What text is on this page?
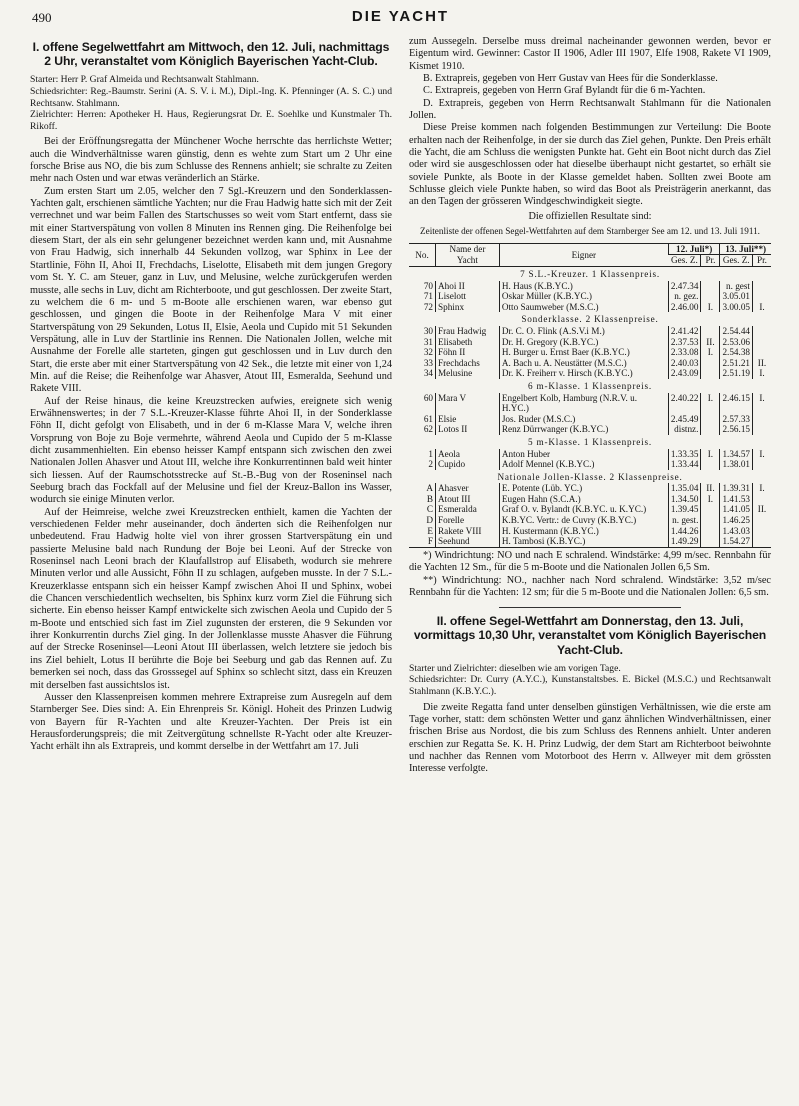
490	DIE YACHT
I. offene Segelwettfahrt am Mittwoch, den 12. Juli, nachmittags 2 Uhr, veranstaltet vom Königlich Bayerischen Yacht-Club.

Starter: Herr P. Graf Almeida und Rechtsanwalt Stahlmann.

Schiedsrichter: Reg.-Baumstr. Serini (A. S. V. i. M.), Dipl.-Ing. K. Pfenninger (A. S. C.) und Rechtsanw. Stahlmann.

Zielrichter: Herren: Apotheker H. Haus, Regierungsrat Dr. E. Soehlke und Kunstmaler Th. Rikoff.

Bei der Eröffnungsregatta der Münchener Woche herrschte das herrlichste Wetter; auch die Windverhältnisse waren günstig, denn es wehte zum Start um 2 Uhr eine forsche Brise aus NO, die bis zum Schlusse des Rennens anhielt; sie schralte zu Zeiten mehr nach Osten und war etwas veränderlich an Stärke.

Zum ersten Start um 2.05, welcher den 7 Sgl.-Kreuzern und den Sonderklassen-Yachten galt, erschienen sämtliche Yachten; nur die Frau Hadwig hatte sich mit der Zeit verrechnet und war beim Fallen des Startschusses so weit vom Start entfernt, dass sie mit einer Startverspätung von vollen 8 Minuten ins Rennen ging. Die Reihenfolge bei diesem Start, der als ein sehr gelungener bezeichnet werden kann und, mit Ausnahme von Frau Hadwig, sich innerhalb 44 Sekunden vollzog, war Sphinx in Lee der Startlinie, Föhn II, Ahoi II, Frechdachs, Liselotte, Elisabeth mit dem jungen Gregory vom St. Y. C. am Steuer, ganz in Luv, und Melusine, welche zurückgerufen werden musste, alle sechs in Luv, dicht am Richterboote, und gut geschlossen. Der zweite Start, zu welchem die 6 m- und 5 m-Boote alle erschienen waren, war ebenso gut geschlossen, und gingen die Boote in der Reihenfolge Mara V mit einer Startverspätung von 29 Sekunden, Lotus II, Elsie, Aeola und Cupido mit 51 Sekunden Verspätung, alle in Luv der Startlinie ins Rennen. Die Nationalen Jollen, welche mit Ausnahme der Forelle alle starteten, gingen gut geschlossen und in Luv durch den Start, die erste aber mit einer Startverspätung von 42 Sek., die letzte mit einer von 1,24 Min. auf die Reise; die Reihenfolge war Ahasver, Atout III, Esmeralda, Seehund und Rakete VIII.

Auf der Reise hinaus, die keine Kreuzstrecken aufwies, ereignete sich wenig Erwähnenswertes; in der 7 S.L.-Kreuzer-Klasse führte Ahoi II, in der Sonderklasse Föhn II, dicht gefolgt von Elisabeth, und in der 6 m-Klasse Mara V, welche ihren Vorsprung von Boje zu Boje vermehrte, während Aeola und Cupido der 5 m-Klasse dicht zusammenhielten. Ein ebenso heisser Kampf entspann sich zwischen den zwei Nationalen Jollen Ahasver und Atout III, welche ihre Konkurrentinnen bald weit hinter sich liessen. Auf der Raumschotsstrecke auf St.-B.-Bug von der Roseninsel nach Seeburg brach das Fockfall auf der Melusine und fiel der Kreuz-Ballon ins Wasser, wodurch sie einige Minuten verlor.

Auf der Heimreise, welche zwei Kreuzstrecken enthielt, kamen die Yachten der verschiedenen Felder mehr auseinander, doch änderten sich die Reihenfolgen nur unbedeutend. Frau Hadwig holte viel von ihrer grossen Startverspätung ein und passierte Melusine bald nach Rundung der Boje bei Leoni. Auf der Strecke von Roseninsel nach Leoni brach der Klaufallstrop auf Elisabeth, wodurch sie mehrere Minuten verlor und alle Aussicht, Föhn II zu schlagen, aufgeben musste. In der 7 S.L.-Kreuzerklasse entspann sich ein heisser Kampf zwischen Ahoi II und Sphinx, wobei die Chancen verschiedentlich wechselten, bis Sphinx kurz vorm Ziel die Führung sich sicherte. Ein ebenso heisser Kampf entwickelte sich zwischen Aeola und Cupido der 5 m-Boote und entschied sich fast im Ziel zugunsten der ersteren, die 9 Sekunden vor ihrer Konkurrentin durchs Ziel ging. In der Jollenklasse musste Ahasver die Führung auf der Strecke Roseninsel—Leoni Atout III überlassen, welch letztere sie jedoch bis ins Ziel behielt, Lotus II berührte die Boje bei Seeburg und gab das Rennen auf. Zu bemerken sei noch, dass das Grosssegel auf Sphinx so schlecht sitzt, dass ein Kreuzen mit derselben fast aussichtslos ist.

Ausser den Klassenpreisen kommen mehrere Extrapreise zum Ausregeln auf dem Starnberger See. Dies sind: A. Ein Ehrenpreis Sr. Königl. Hoheit des Prinzen Ludwig von Bayern für R-Yachten und alte Kreuzer-Yachten. Der Preis ist ein Herausforderungspreis; die mit Zeitvergütung schnellste R-Yacht oder alte Kreuzer-Yacht erhält ihn als Extrapreis, und kommt derselbe in der Wettfahrt am 17. Juli

zum Aussegeln. Derselbe muss dreimal nacheinander gewonnen werden, bevor er Eigentum wird. Gewinner: Castor II 1906, Adler III 1907, Elfe 1908, Rakete VI 1909, Kismet 1910.

B. Extrapreis, gegeben von Herr Gustav van Hees für die Sonderklasse.

C. Extrapreis, gegeben von Herrn Graf Bylandt für die 6 m-Yachten.

D. Extrapreis, gegeben von Herrn Rechtsanwalt Stahlmann für die Nationalen Jollen.

Diese Preise kommen nach folgenden Bestimmungen zur Verteilung: Die Boote erhalten nach der Reihenfolge, in der sie durch das Ziel gehen, Punkte. Den Preis erhält die Yacht, die am Schluss die wenigsten Punkte hat. Geht ein Boot nicht durch das Ziel oder wird sie ausgeschlossen oder hat dieselbe überhaupt nicht gestartet, so erhält sie soviele Punkte, als Boote in der Klasse gemeldet haben. Sollten zwei Boote am Schlusse gleich viele Punkte haben, so wird das Boot als Preisträgerin anerkannt, das an den Tagen der grösseren Windgeschwindigkeit siegte.

Die offiziellen Resultate sind:
Zeitenliste der offenen Segel-Wettfahrten auf dem Starnberger See am 12. und 13. Juli 1911.
No.	Name der Yacht	Eigner	12. Juli*)		13. Juli**)	
			Ges. Z.	Pr.	Ges. Z.	Pr.
7 S.L.-Kreuzer. 1 Klassenpreis.						
70	Ahoi II	H. Haus (K.B.YC.)	2.47.34		n. gest	
71	Liselott	Oskar Müller (K.B.YC.)	n. gez.		3.05.01	
72	Sphinx	Otto Saumweber (M.S.C.)	2.46.00	I.	3.00.05	I.
Sonderklasse. 2 Klassenpreise.						
30	Frau Hadwig	Dr. C. O. Flink (A.S.V.i M.)	2.41.42		2.54.44	
31	Elisabeth	Dr. H. Gregory (K.B.YC.)	2.37.53	II.	2.53.06	
32	Föhn II	H. Burger u. Ernst Baer (K.B.YC.)	2.33.08	I.	2.54.38	
33	Frechdachs	A. Bach u. A. Neustätter (M.S.C.)	2.40.03		2.51.21	II.
34	Melusine	Dr. K. Freiherr v. Hirsch (K.B.YC.)	2.43.09		2.51.19	I.
6 m-Klasse. 1 Klassenpreis.						
60	Mara V	Engelbert Kolb, Hamburg (N.R.V. u. H.YC.)	2.40.22	I.	2.46.15	I.
61	Elsie	Jos. Ruder (M.S.C.)	2.45.49		2.57.33	
62	Lotos II	Renz Dürrwanger (K.B.YC.)	distnz.		2.56.15	
5 m-Klasse. 1 Klassenpreis.						
1	Aeola	Anton Huber	1.33.35	I.	1.34.57	I.
2	Cupido	Adolf Mennel (K.B.YC.)	1.33.44		1.38.01	
Nationale Jollen-Klasse. 2 Klassenpreise.						
A	Ahasver	E. Potente (Lüb. YC.)	1.35.04	II.	1.39.31	I.
B	Atout III	Eugen Hahn (S.C.A.)	1.34.50	I.	1.41.53	
C	Esmeralda	Graf O. v. Bylandt (K.B.YC. u. K.YC.)	1.39.45		1.41.05	II.
D	Forelle	K.B.YC. Vertr.: de Cuvry (K.B.YC.)	n. gest.		1.46.25	
E	Rakete VIII	H. Kustermann (K.B.YC.)	1.44.26		1.43.03	
F	Seehund	H. Tambosi (K.B.YC.)	1.49.29		1.54.27	

*) Windrichtung: NO und nach E schralend. Windstärke: 4,99 m/sec. Rennbahn für die Yachten 12 Sm., für die 5 m-Boote und die Nationalen Jollen 6,5 Sm.

**) Windrichtung: NO., nachher nach Nord schralend. Windstärke: 3,52 m/sec Rennbahn für die Yachten: 12 sm; für die 5 m-Boote und die Nationalen Jollen: 6,5 sm.

II. offene Segel-Wettfahrt am Donnerstag, den 13. Juli, vormittags 10,30 Uhr, veranstaltet vom Königlich Bayerischen Yacht-Club.

Starter und Zielrichter: dieselben wie am vorigen Tage.

Schiedsrichter: Dr. Curry (A.Y.C.), Kunstanstaltsbes. E. Bickel (M.S.C.) und Rechtsanwalt Stahlmann (K.B.Y.C.).

Die zweite Regatta fand unter denselben günstigen Verhältnissen, wie die erste am Tage vorher, statt: dem schönsten Wetter und ganz ähnlichen Windverhältnissen, einer frischen Brise aus Nordost, die bis zum Schluss des Rennens anhielt. Unter anderen erschien zur Regatta Se. K. H. Prinz Ludwig, der dem Start am Richterboot beiwohnte und nachher das Rennen vom Motorboot des Herrn v. Allweyer mit dem grössten Interesse verfolgte.
